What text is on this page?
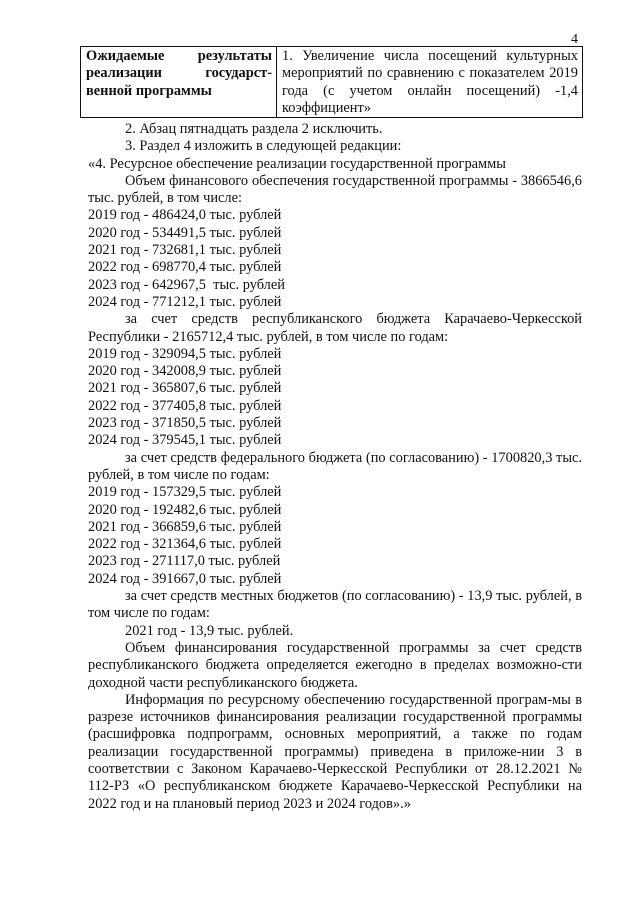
4
Ожидаемые результаты реализации государст-венной программы	1. Увеличение числа посещений культурных мероприятий по сравнению с показателем 2019 года (с учетом онлайн посещений) -1,4 коэффициент»

2. Абзац пятнадцать раздела 2 исключить.

3. Раздел 4 изложить в следующей редакции:

«4. Ресурсное обеспечение реализации государственной программы

Объем финансового обеспечения государственной программы - 3866546,6 тыс. рублей, в том числе:

2019 год - 486424,0 тыс. рублей

2020 год - 534491,5 тыс. рублей

2021 год - 732681,1 тыс. рублей

2022 год - 698770,4 тыс. рублей

2023 год - 642967,5  тыс. рублей

2024 год - 771212,1 тыс. рублей

за счет средств республиканского бюджета Карачаево-Черкесской Республики - 2165712,4 тыс. рублей, в том числе по годам:

2019 год - 329094,5 тыс. рублей

2020 год - 342008,9 тыс. рублей

2021 год - 365807,6 тыс. рублей

2022 год - 377405,8 тыс. рублей

2023 год - 371850,5 тыс. рублей

2024 год - 379545,1 тыс. рублей

за счет средств федерального бюджета (по согласованию) - 1700820,3 тыс. рублей, в том числе по годам:

2019 год - 157329,5 тыс. рублей

2020 год - 192482,6 тыс. рублей

2021 год - 366859,6 тыс. рублей

2022 год - 321364,6 тыс. рублей

2023 год - 271117,0 тыс. рублей

2024 год - 391667,0 тыс. рублей

за счет средств местных бюджетов (по согласованию) - 13,9 тыс. рублей, в том числе по годам:

2021 год - 13,9 тыс. рублей.

Объем финансирования государственной программы за счет средств республиканского бюджета определяется ежегодно в пределах возможно-сти доходной части республиканского бюджета.

Информация по ресурсному обеспечению государственной програм-мы в разрезе источников финансирования реализации государственной программы (расшифровка подпрограмм, основных мероприятий, а также по годам реализации государственной программы) приведена в приложе-нии 3 в соответствии с Законом Карачаево-Черкесской Республики от 28.12.2021 № 112-РЗ «О республиканском бюджете Карачаево-Черкесской Республики на 2022 год и на плановый период 2023 и 2024 годов».»
